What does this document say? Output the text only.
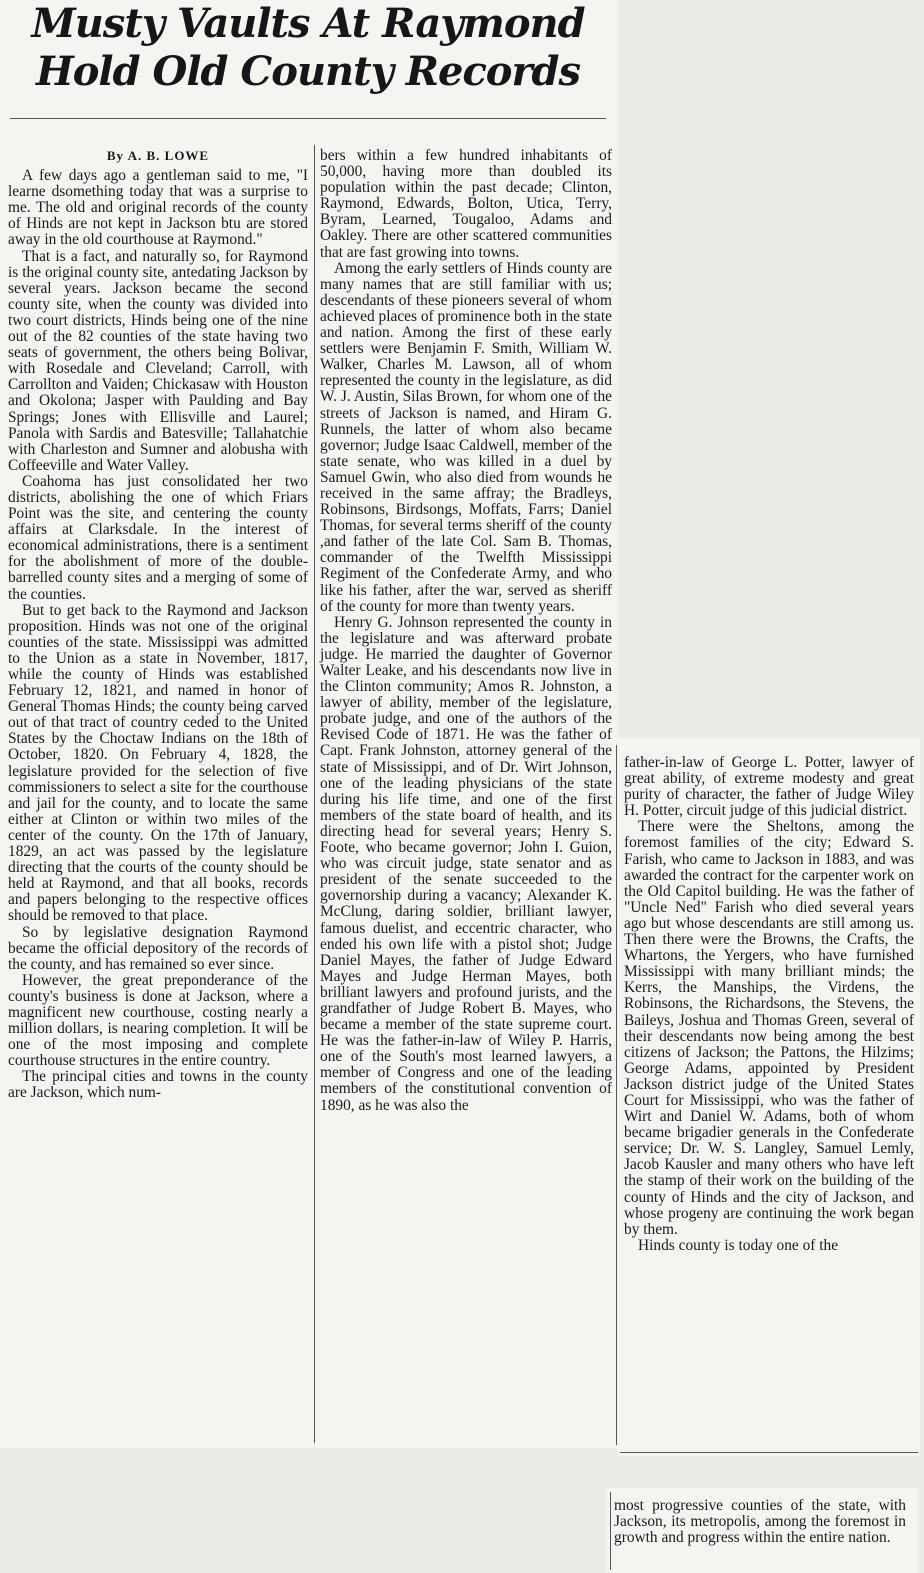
Musty Vaults At Raymond
Hold Old County Records
By A. B. LOWE

A few days ago a gentleman said to me, "I learne dsomething today that was a surprise to me. The old and original records of the county of Hinds are not kept in Jackson btu are stored away in the old courthouse at Raymond."

That is a fact, and naturally so, for Raymond is the original county site, antedating Jackson by several years. Jackson became the second county site, when the county was divided into two court districts, Hinds being one of the nine out of the 82 counties of the state having two seats of government, the others being Bolivar, with Rosedale and Cleveland; Carroll, with Carrollton and Vaiden; Chickasaw with Houston and Okolona; Jasper with Paulding and Bay Springs; Jones with Ellisville and Laurel; Panola with Sardis and Batesville; Tallahatchie with Charleston and Sumner and alobusha with Coffeeville and Water Valley.

Coahoma has just consolidated her two districts, abolishing the one of which Friars Point was the site, and centering the county affairs at Clarksdale. In the interest of economical administrations, there is a sentiment for the abolishment of more of the double-barrelled county sites and a merging of some of the counties.

But to get back to the Raymond and Jackson proposition. Hinds was not one of the original counties of the state. Mississippi was admitted to the Union as a state in November, 1817, while the county of Hinds was established February 12, 1821, and named in honor of General Thomas Hinds; the county being carved out of that tract of country ceded to the United States by the Choctaw Indians on the 18th of October, 1820. On February 4, 1828, the legislature provided for the selection of five commissioners to select a site for the courthouse and jail for the county, and to locate the same either at Clinton or within two miles of the center of the county. On the 17th of January, 1829, an act was passed by the legislature directing that the courts of the county should be held at Raymond, and that all books, records and papers belonging to the respective offices should be removed to that place.

So by legislative designation Raymond became the official depository of the records of the county, and has remained so ever since.

However, the great preponderance of the county's business is done at Jackson, where a magnificent new courthouse, costing nearly a million dollars, is nearing completion. It will be one of the most imposing and complete courthouse structures in the entire country.

The principal cities and towns in the county are Jackson, which num-

bers within a few hundred inhabitants of 50,000, having more than doubled its population within the past decade; Clinton, Raymond, Edwards, Bolton, Utica, Terry, Byram, Learned, Tougaloo, Adams and Oakley. There are other scattered communities that are fast growing into towns.

Among the early settlers of Hinds county are many names that are still familiar with us; descendants of these pioneers several of whom achieved places of prominence both in the state and nation. Among the first of these early settlers were Benjamin F. Smith, William W. Walker, Charles M. Lawson, all of whom represented the county in the legislature, as did W. J. Austin, Silas Brown, for whom one of the streets of Jackson is named, and Hiram G. Runnels, the latter of whom also became governor; Judge Isaac Caldwell, member of the state senate, who was killed in a duel by Samuel Gwin, who also died from wounds he received in the same affray; the Bradleys, Robinsons, Birdsongs, Moffats, Farrs; Daniel Thomas, for several terms sheriff of the county ,and father of the late Col. Sam B. Thomas, commander of the Twelfth Mississippi Regiment of the Confederate Army, and who like his father, after the war, served as sheriff of the county for more than twenty years.

Henry G. Johnson represented the county in the legislature and was afterward probate judge. He married the daughter of Governor Walter Leake, and his descendants now live in the Clinton community; Amos R. Johnston, a lawyer of ability, member of the legislature, probate judge, and one of the authors of the Revised Code of 1871. He was the father of Capt. Frank Johnston, attorney general of the state of Mississippi, and of Dr. Wirt Johnson, one of the leading physicians of the state during his life time, and one of the first members of the state board of health, and its directing head for several years; Henry S. Foote, who became governor; John I. Guion, who was circuit judge, state senator and as president of the senate succeeded to the governorship during a vacancy; Alexander K. McClung, daring soldier, brilliant lawyer, famous duelist, and eccentric character, who ended his own life with a pistol shot; Judge Daniel Mayes, the father of Judge Edward Mayes and Judge Herman Mayes, both brilliant lawyers and profound jurists, and the grandfather of Judge Robert B. Mayes, who became a member of the state supreme court. He was the father-in-law of Wiley P. Harris, one of the South's most learned lawyers, a member of Congress and one of the leading members of the constitutional convention of 1890, as he was also the

father-in-law of George L. Potter, lawyer of great ability, of extreme modesty and great purity of character, the father of Judge Wiley H. Potter, circuit judge of this judicial district.

There were the Sheltons, among the foremost families of the city; Edward S. Farish, who came to Jackson in 1883, and was awarded the contract for the carpenter work on the Old Capitol building. He was the father of "Uncle Ned" Farish who died several years ago but whose descendants are still among us. Then there were the Browns, the Crafts, the Whartons, the Yergers, who have furnished Mississippi with many brilliant minds; the Kerrs, the Manships, the Virdens, the Robinsons, the Richardsons, the Stevens, the Baileys, Joshua and Thomas Green, several of their descendants now being among the best citizens of Jackson; the Pattons, the Hilzims; George Adams, appointed by President Jackson district judge of the United States Court for Mississippi, who was the father of Wirt and Daniel W. Adams, both of whom became brigadier generals in the Confederate service; Dr. W. S. Langley, Samuel Lemly, Jacob Kausler and many others who have left the stamp of their work on the building of the county of Hinds and the city of Jackson, and whose progeny are continuing the work began by them.

Hinds county is today one of the

most progressive counties of the state, with Jackson, its metropolis, among the foremost in growth and progress within the entire nation.
